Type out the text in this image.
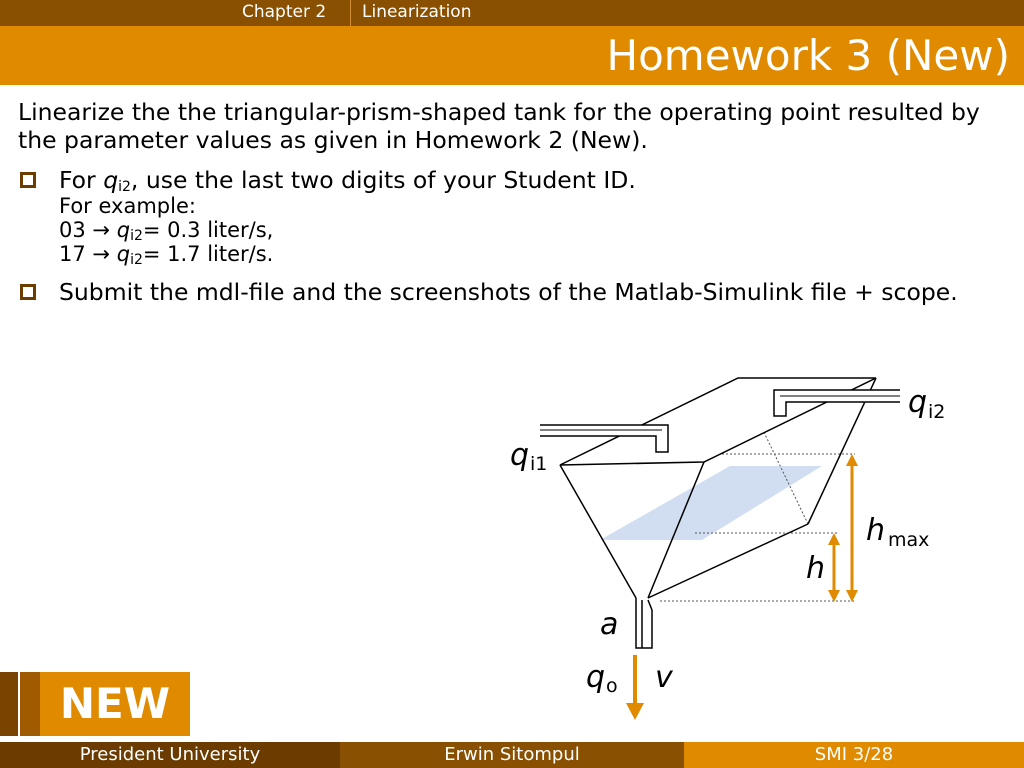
Chapter 2 Linearization
Homework 3 (New)

Linearize the the triangular-prism-shaped tank for the operating point resulted by the parameter values as given in Homework 2 (New).

For $q_{i2}$, use the last two digits of your Student ID.
For example:
$03 \to q_{i2}= 0.3$ liter/s,
$17 \to q_{i2}= 1.7$ liter/s.
Submit the mdl-file and the screenshots of the Matlab-Simulink file + scope.
q i1
q i2
h max
h
a
q o v
NEW
President University	Erwin Sitompul	SMI 3/28
